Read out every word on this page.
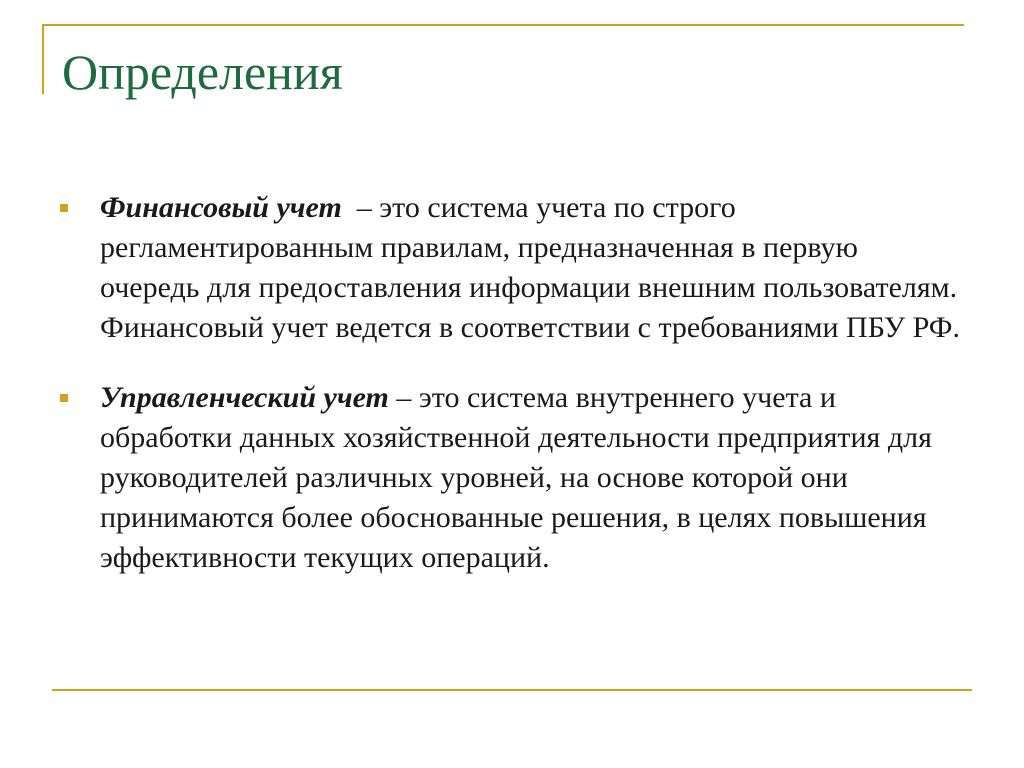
Определения
Финансовый учет  – это система учета по строго регламентированным правилам, предназначенная в первую очередь для предоставления информации внешним пользователям. Финансовый учет ведется в соответствии с требованиями ПБУ РФ.
Управленческий учет – это система внутреннего учета и обработки данных хозяйственной деятельности предприятия для руководителей различных уровней, на основе которой они принимаются более обоснованные решения, в целях повышения эффективности текущих операций.
